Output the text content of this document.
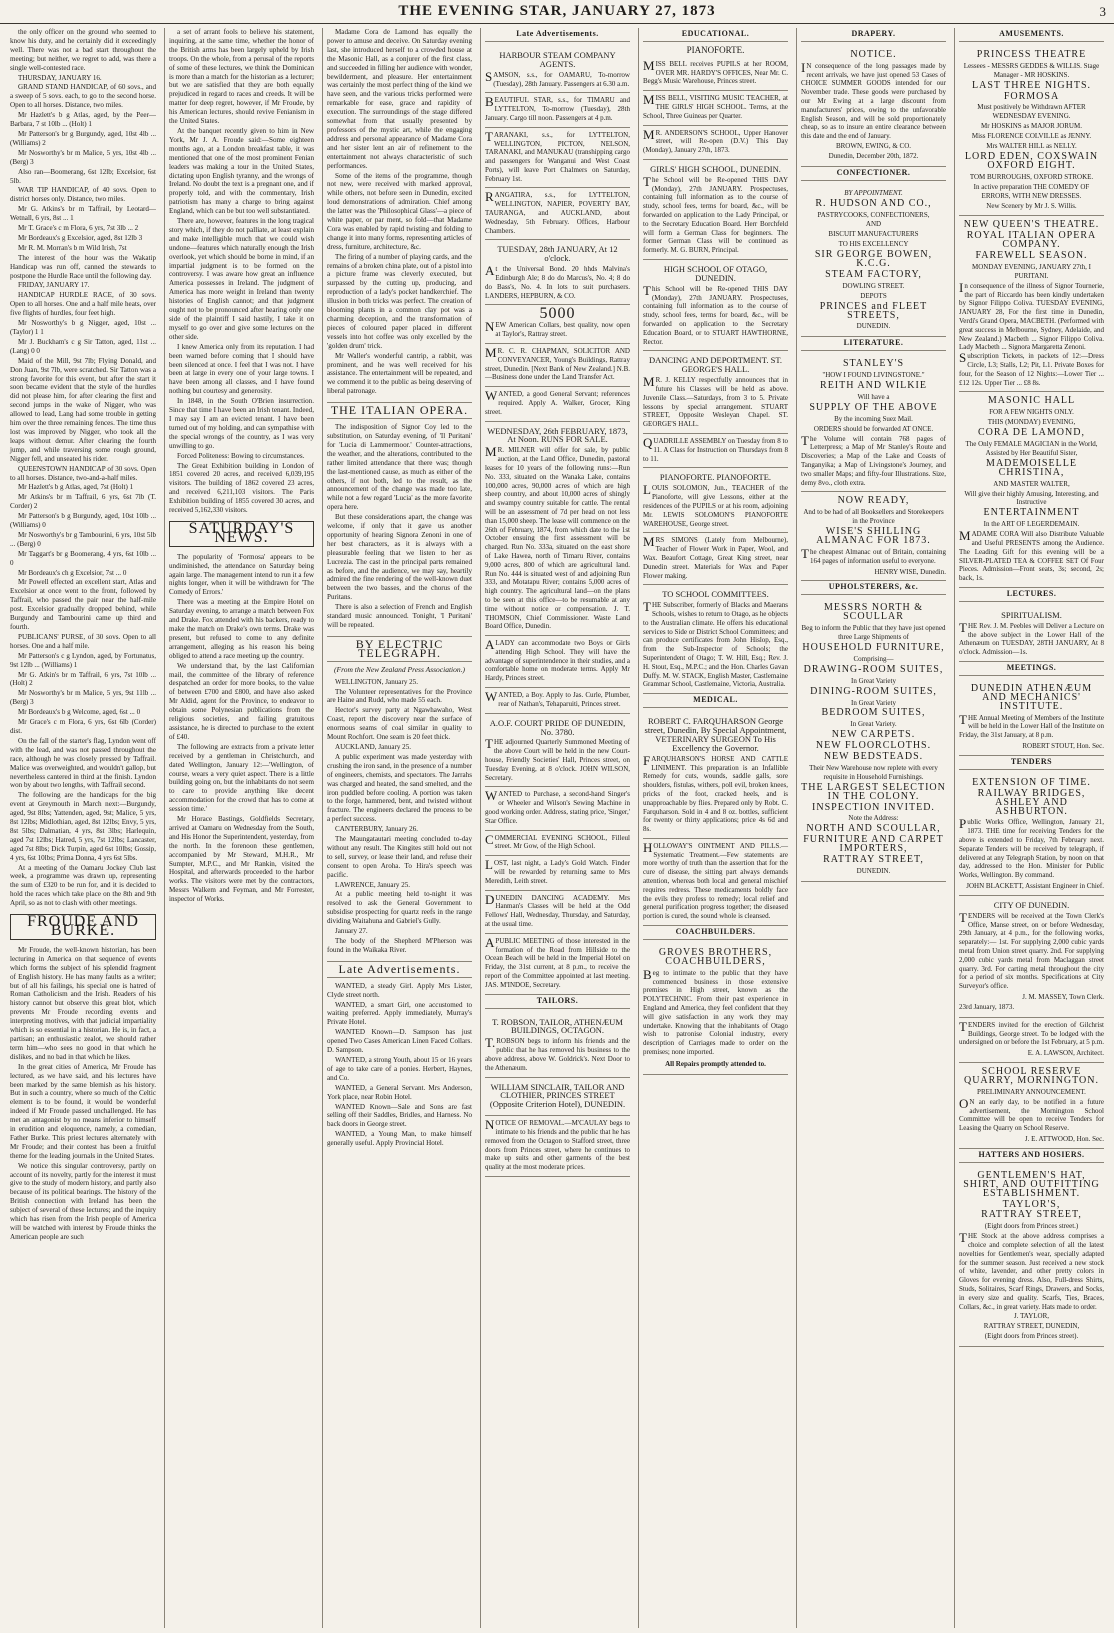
THE EVENING STAR, JANUARY 27, 1873	3

the only officer on the ground who seemed to know his duty, and he certainly did it exceedingly well. There was not a bad start throughout the meeting; but neither, we regret to add, was there a single well-contested race.

THURSDAY, JANUARY 16.

GRAND STAND HANDICAP, of 60 sovs., and a sweep of 5 sovs. each, to go to the second horse. Open to all horses. Distance, two miles.

Mr Hazlett's b g Atlas, aged, by the Peer—Barbara, 7 st 10lb ... (Holt) 1

Mr Patterson's br g Burgundy, aged, 10st 4lb ... (Williams) 2

Mr Nosworthy's br m Malice, 5 yrs, 10st 4lb ... (Berg) 3

Also ran—Boomerang, 6st 12lb; Excelsior, 6st 5lb.

WAR TIP HANDICAP, of 40 sovs. Open to district horses only. Distance, two miles.

Mr G. Atkins's br m Taffrail, by Leotard—Wetnall, 6 yrs, 8st ... 1

Mr T. Grace's c m Flora, 6 yrs, 7st 3lb ... 2

Mr Bordeaux's g Excelsior, aged, 8st 12lb 3

Mr R. M. Morran's b m Wild Irish, 7st

The interest of the hour was the Wakatip Handicap was run off, canned the stewards to postpone the Hurdle Race until the following day.

FRIDAY, JANUARY 17.

HANDICAP HURDLE RACE, of 30 sovs. Open to all horses. One and a half mile heats, over five flights of hurdles, four feet high.

Mr Nosworthy's b g Nigger, aged, 10st ... (Taylor) 1 1

Mr J. Buckham's c g Sir Tatton, aged, 11st ... (Lang) 0 0

Maid of the Mill, 9st 7lb; Flying Donald, and Don Juan, 9st 7lb, were scratched. Sir Tatton was a strong favorite for this event, but after the start it soon became evident that the style of the hurdles did not please him, for after clearing the first and second jumps in the wake of Nigger, who was allowed to lead, Lang had some trouble in getting him over the three remaining fences. The time thus lost was improved by Nigger, who took all the leaps without demur. After clearing the fourth jump, and while traversing some rough ground, Nigger fell, and unseated his rider.

QUEENSTOWN HANDICAP of 30 sovs. Open to all horses. Distance, two-and-a-half miles.

Mr Hazlett's b g Atlas, aged, 7st (Holt) 1

Mr Atkins's br m Taffrail, 6 yrs, 6st 7lb (T. Corder) 2

Mr Patterson's b g Burgundy, aged, 10st 10lb ... (Williams) 0

Mr Nosworthy's br g Tambourini, 6 yrs, 10st 5lb ... (Berg) 0

Mr Taggart's br g Boomerang, 4 yrs, 6st 10lb ... 0

Mr Bordeaux's ch g Excelsior, 7st ... 0

Mr Powell effected an excellent start, Atlas and Excelsior at once went to the front, followed by Taffrail, who passed the pair near the half-mile post. Excelsior gradually dropped behind, while Burgundy and Tambourini came up third and fourth.

PUBLICANS' PURSE, of 30 sovs. Open to all horses. One and a half mile.

Mr Patterson's c g Lyndon, aged, by Fortunatus, 9st 12lb ... (Williams) 1

Mr G. Atkin's br m Taffrail, 6 yrs, 7st 10lb ... (Holt) 2

Mr Nosworthy's br m Malice, 5 yrs, 9st 11lb ... (Berg) 3

Mr Bordeaux's b g Welcome, aged, 6st ... 0

Mr Grace's c m Flora, 6 yrs, 6st 6lb (Corder) dist.

On the fall of the starter's flag, Lyndon went off with the lead, and was not passed throughout the race, although he was closely pressed by Taffrail. Malice was overweighted, and wouldn't gallop, but nevertheless cantered in third at the finish. Lyndon won by about two lengths, with Taffrail second.

The following are the handicaps for the big event at Greymouth in March next:—Burgundy, aged, 9st 8lbs; Yattenden, aged, 9st; Malice, 5 yrs, 8st 12lbs; Midlothian, aged, 8st 12lbs; Envy, 5 yrs, 8st 5lbs; Dalmatian, 4 yrs, 8st 3lbs; Harlequin, aged 7st 12lbs; Hatred, 5 yrs, 7st 12lbs; Lancaster, aged 7st 8lbs; Dick Turpin, aged 6st 10lbs; Gossip, 4 yrs, 6st 10lbs; Prima Donna, 4 yrs 6st 5lbs.

At a meeting of the Oamaru Jockey Club last week, a programme was drawn up, representing the sum of £320 to be run for, and it is decided to hold the races which take place on the 8th and 9th April, so as not to clash with other meetings.

FROUDE AND BURKE.

Mr Froude, the well-known historian, has been lecturing in America on that sequence of events which forms the subject of his splendid fragment of English history. He has many faults as a writer; but of all his failings, his special one is hatred of Roman Catholicism and the Irish. Readers of his history cannot but observe this great blot, which prevents Mr Froude recording events and interpreting motives, with that judicial impartiality which is so essential in a historian. He is, in fact, a partisan; an enthusiastic zealot, we should rather term him—who sees no good in that which he dislikes, and no bad in that which he likes.

In the great cities of America, Mr Froude has lectured, as we have said, and his lectures have been marked by the same blemish as his history. But in such a country, where so much of the Celtic element is to be found, it would be wonderful indeed if Mr Froude passed unchallenged. He has met an antagonist by no means inferior to himself in erudition and eloquence, namely, a comedian, Father Burke. This priest lectures alternately with Mr Froude; and their contest has been a fruitful theme for the leading journals in the United States.

We notice this singular controversy, partly on account of its novelty, partly for the interest it must give to the study of modern history, and partly also because of its political bearings. The history of the British connection with Ireland has been the subject of several of these lectures; and the inquiry which has risen from the Irish people of America will be watched with interest by Froude thinks the American people are such

a set of arrant fools to believe his statement, inquiring, at the same time, whether the honor of the British arms has been largely upheld by Irish troops. On the whole, from a perusal of the reports of some of these lectures, we think the Dominican is more than a match for the historian as a lecturer; but we are satisfied that they are both equally prejudiced in regard to races and creeds. It will be matter for deep regret, however, if Mr Froude, by his American lectures, should revive Fenianism in the United States.

At the banquet recently given to him in New York, Mr J. A. Froude said:—Some eighteen months ago, at a London breakfast table, it was mentioned that one of the most prominent Fenian leaders was making a tour in the United States, dictating upon English tyranny, and the wrongs of Ireland. No doubt the text is a pregnant one, and if properly told, and with the commentary, Irish patriotism has many a charge to bring against England, which can be but too well substantiated.

There are, however, features in the long tragical story which, if they do not palliate, at least explain and make intelligible much that we could wish undone—features which naturally enough the Irish overlook, yet which should be borne in mind, if an impartial judgment is to be formed on the controversy. I was aware how great an influence America possesses in Ireland. The judgment of America has more weight in Ireland than twenty histories of English cannot; and that judgment ought not to be pronounced after hearing only one side of the plaintiff I said hastily, I take it on myself to go over and give some lectures on the other side.

I knew America only from its reputation. I had been warned before coming that I should have been silenced at once. I feel that I was not. I have been at large in every one of your large towns. I have been among all classes, and I have found nothing but courtesy and generosity.

In 1848, in the South O'Brien insurrection. Since that time I have been an Irish tenant. Indeed, I may say I am an evicted tenant. I have been turned out of my holding, and can sympathise with the special wrongs of the country, as I was very unwilling to go.

Forced Politeness: Bowing to circumstances.

The Great Exhibition building in London of 1851 covered 20 acres, and received 6,039,195 visitors. The building of 1862 covered 23 acres, and received 6,211,103 visitors. The Paris Exhibition building of 1855 covered 30 acres, and received 5,162,330 visitors.

SATURDAY'S NEWS.

The popularity of 'Formosa' appears to be undiminished, the attendance on Saturday being again large. The management intend to run it a few nights longer, when it will be withdrawn for 'The Comedy of Errors.'

There was a meeting at the Empire Hotel on Saturday evening, to arrange a match between Fox and Drake. Fox attended with his backers, ready to make the match on Drake's own terms. Drake was present, but refused to come to any definite arrangement, alleging as his reason his being obliged to attend a race meeting up the country.

We understand that, by the last Californian mail, the committee of the library of reference despatched an order for more books, to the value of between £700 and £800, and have also asked Mr Aldid, agent for the Province, to endeavor to obtain some Polynesian publications from the religious societies, and failing gratuitous assistance, he is directed to purchase to the extent of £40.

The following are extracts from a private letter received by a gentleman in Christchurch, and dated Wellington, January 12:—'Wellington, of course, wears a very quiet aspect. There is a little building going on, but the inhabitants do not seem to care to provide anything like decent accommodation for the crowd that has to come at session time.'

Mr Horace Bastings, Goldfields Secretary, arrived at Oamaru on Wednesday from the South, and His Honor the Superintendent, yesterday, from the north. In the forenoon these gentlemen, accompanied by Mr Steward, M.H.R., Mr Sumpter, M.P.C., and Mr Rankin, visited the Hospital, and afterwards proceeded to the harbor works. The visitors were met by the contractors, Messrs Walkem and Feyman, and Mr Forrester, inspector of Works.

Madame Cora de Lamond has equally the power to amuse and deceive. On Saturday evening last, she introduced herself to a crowded house at the Masonic Hall, as a conjurer of the first class, and succeeded in filling her audience with wonder, bewilderment, and pleasure. Her entertainment was certainly the most perfect thing of the kind we have seen, and the various tricks performed were remarkable for ease, grace and rapidity of execution. The surroundings of the stage differed somewhat from that usually presented by professors of the mystic art, while the engaging address and personal appearance of Madame Cora and her sister lent an air of refinement to the entertainment not always characteristic of such performances.

Some of the items of the programme, though not new, were received with marked approval, while others, not before seen in Dunedin, excited loud demonstrations of admiration. Chief among the latter was the 'Philosophical Glass'—a piece of white paper, or par ment, so fold—that Madame Cora was enabled by rapid twisting and folding to change it into many forms, representing articles of dress, furniture, architecture, &c.

The firing of a number of playing cards, and the remains of a broken china plate, out of a pistol into a picture frame was cleverly executed, but surpassed by the cutting up, producing, and reproduction of a lady's pocket handkerchief. The illusion in both tricks was perfect. The creation of blooming plants in a common clay pot was a charming deception, and the transformation of pieces of coloured paper placed in different vessels into hot coffee was only excelled by the 'golden drum' trick.

Mr Waller's wonderful cantrip, a rabbit, was prominent, and he was well received for his assistance. The entertainment will be repeated, and we commend it to the public as being deserving of liberal patronage.

THE ITALIAN OPERA.

The indisposition of Signor Coy led to the substitution, on Saturday evening, of 'Il Puritani' for 'Lucia di Lammermoor.' Counter-attractions, the weather, and the alterations, contributed to the rather limited attendance that there was; though the last-mentioned cause, as much as either of the others, if not both, led to the result, as the announcement of the change was made too late, while not a few regard 'Lucia' as the more favorite opera here.

But these considerations apart, the change was welcome, if only that it gave us another opportunity of hearing Signora Zenoni in one of her best characters, as it is always with a pleasurable feeling that we listen to her as Lucrezia. The cast in the principal parts remained as before, and the audience, we may say, heartily admired the fine rendering of the well-known duet between the two basses, and the chorus of the Puritans.

There is also a selection of French and English standard music announced. Tonight, 'I Puritani' will be repeated.

BY ELECTRIC TELEGRAPH.
(From the New Zealand Press Association.)

WELLINGTON, January 25.

The Volunteer representatives for the Province are Haine and Rudd, who made 55 each.

Hector's survey party at Ngawhawaho, West Coast, report the discovery near the surface of enormous seams of coal similar in quality to Mount Rochfort. One seam is 20 feet thick.

AUCKLAND, January 25.

A public experiment was made yesterday with crushing the iron sand, in the presence of a number of engineers, chemists, and spectators. The Jarrahs was charged and heated, the sand smelted, and the iron puddled before cooling. A portion was taken to the forge, hammered, bent, and twisted without fracture. The engineers declared the process to be a perfect success.

CANTERBURY, January 26.

The Maungatautari meeting concluded to-day without any result. The Kingites still hold out not to sell, survey, or lease their land, and refuse their consent to open Aroha. To Hira's speech was pacific.

LAWRENCE, January 25.

At a public meeting held to-night it was resolved to ask the General Government to subsidise prospecting for quartz reefs in the range dividing Waitahuna and Gabriel's Gully.

January 27.

The body of the Shepherd M'Pherson was found in the Waikaka River.

Late Advertisements.

WANTED, a steady Girl. Apply Mrs Lister, Clyde street north.

WANTED, a smart Girl, one accustomed to waiting preferred. Apply immediately, Murray's Private Hotel.

WANTED Known—D. Sampson has just opened Two Cases American Linen Faced Collars. D. Sampson.

WANTED, a strong Youth, about 15 or 16 years of age to take care of a ponies. Herbert, Haynes, and Co.

WANTED, a General Servant. Mrs Anderson, York place, near Robin Hotel.

WANTED Known—Sale and Sons are fast selling off their Saddles, Bridles, and Harness. No back doors in George street.

WANTED, a Young Man, to make himself generally useful. Apply Provincial Hotel.

Late Advertisements.
HARBOUR STEAM COMPANY AGENTS.
SAMSON, s.s., for OAMARU, To-morrow (Tuesday), 28th January. Passengers at 6.30 a.m.
BEAUTIFUL STAR, s.s., for TIMARU and LYTTELTON, To-morrow (Tuesday), 28th January. Cargo till noon. Passengers at 4 p.m.
TARANAKI, s.s., for LYTTELTON, WELLINGTON, PICTON, NELSON, TARANAKI, and MANUKAU (transhipping cargo and passengers for Wanganui and West Coast Ports), will leave Port Chalmers on Saturday, February 1st.
RANGATIRA, s.s., for LYTTELTON, WELLINGTON, NAPIER, POVERTY BAY, TAURANGA, and AUCKLAND, about Wednesday, 5th February. Offices, Harbour Chambers.
TUESDAY, 28th JANUARY, At 12 o'clock.
At the Universal Bond. 20 hhds Malvina's Edinburgh Ale; 8 do do Marcus's, No. 4; 8 do do Bass's, No. 4. In lots to suit purchasers. LANDERS, HEPBURN, & CO.
5000
NEW American Collars, best quality, now open at Taylor's, Rattray street.
MR. C. R. CHAPMAN, SOLICITOR AND CONVEYANCER, Young's Buildings, Rattray street, Dunedin. [Next Bank of New Zealand.] N.B.—Business done under the Land Transfer Act.
WANTED, a good General Servant; references required. Apply A. Walker, Grocer, King street.
WEDNESDAY, 26th FEBRUARY, 1873, At Noon. RUNS FOR SALE.
MR. MILNER will offer for sale, by public auction, at the Land Office, Dunedin, pastoral leases for 10 years of the following runs:—Run No. 333, situated on the Wanaka Lake, contains 100,000 acres, 90,000 acres of which are high sheep country, and about 10,000 acres of shingly and swampy country suitable for cattle. The rental will be an assessment of 7d per head on not less than 15,000 sheep. The lease will commence on the 26th of February, 1874, from which date to the 1st October ensuing the first assessment will be charged. Run No. 333a, situated on the east shore of Lake Hawea, north of Timaru River, contains 9,000 acres, 800 of which are agricultural land. Run No. 444 is situated west of and adjoining Run 333, and Motatapu River; contains 5,000 acres of high country. The agricultural land—on the plans to be seen at this office—to be resumable at any time without notice or compensation. J. T. THOMSON, Chief Commissioner. Waste Land Board Office, Dunedin.
ALADY can accommodate two Boys or Girls attending High School. They will have the advantage of superintendence in their studies, and a comfortable home on moderate terms. Apply Mr Hardy, Princes street.
WANTED, a Boy. Apply to Jas. Curle, Plumber, rear of Nathan's, Tehaparuiti, Princes street.
A.O.F. COURT PRIDE OF DUNEDIN, No. 3780.
THE adjourned Quarterly Summoned Meeting of the above Court will be held in the new Court-house, Friendly Societies' Hall, Princes street, on Tuesday Evening, at 8 o'clock. JOHN WILSON, Secretary.
WANTED to Purchase, a second-hand Singer's or Wheeler and Wilson's Sewing Machine in good working order. Address, stating price, 'Singer,' Star Office.
COMMERCIAL EVENING SCHOOL, Filleul street. Mr Gow, of the High School.
LOST, last night, a Lady's Gold Watch. Finder will be rewarded by returning same to Mrs Meredith, Leith street.
DUNEDIN DANCING ACADEMY. Mrs Hanman's Classes will be held at the Odd Fellows' Hall, Wednesday, Thursday, and Saturday, at the usual time.
APUBLIC MEETING of those interested in the formation of the Road from Hillside to the Ocean Beach will be held in the Imperial Hotel on Friday, the 31st current, at 8 p.m., to receive the report of the Committee appointed at last meeting. JAS. M'INDOE, Secretary.
TAILORS.
T. ROBSON, TAILOR, ATHENÆUM BUILDINGS, OCTAGON.
T.ROBSON begs to inform his friends and the public that he has removed his business to the above address, above W. Goldrick's. Next Door to the Athenæum.
WILLIAM SINCLAIR, TAILOR AND CLOTHIER, PRINCES STREET (Opposite Criterion Hotel), DUNEDIN.
NOTICE OF REMOVAL.—M'CAULAY begs to intimate to his friends and the public that he has removed from the Octagon to Stafford street, three doors from Princes street, where he continues to make up suits and other garments of the best quality at the most moderate prices.
EDUCATIONAL.
PIANOFORTE.
MISS BELL receives PUPILS at her ROOM, OVER MR. HARDY'S OFFICES, Near Mr. C. Begg's Music Warehouse, Princes street.
MISS BELL, VISITING MUSIC TEACHER, at THE GIRLS' HIGH SCHOOL. Terms, at the School, Three Guineas per Quarter.
MR. ANDERSON'S SCHOOL, Upper Hanover street, will Re-open (D.V.) This Day (Monday), January 27th, 1873.
GIRLS' HIGH SCHOOL, DUNEDIN.
The School will be Re-opened THIS DAY (Monday), 27th JANUARY. Prospectuses, containing full information as to the course of study, school fees, terms for board, &c., will be forwarded on application to the Lady Principal, or to the Secretary Education Board. Herr Borchfeld will form a German Class for beginners. The former German Class will be continued as formerly. M. G. BURN, Principal.
HIGH SCHOOL OF OTAGO, DUNEDIN.
This School will be Re-opened THIS DAY (Monday), 27th JANUARY. Prospectuses, containing full information as to the course of study, school fees, terms for board, &c., will be forwarded on application to the Secretary Education Board, or to STUART HAWTHORNE, Rector.
DANCING AND DEPORTMENT. ST. GEORGE'S HALL.
MR. J. KELLY respectfully announces that in future his Classes will be held as above. Juvenile Class.—Saturdays, from 3 to 5. Private lessons by special arrangement. STUART STREET, Opposite Wesleyan Chapel. ST. GEORGE'S HALL.
QUADRILLE ASSEMBLY on Tuesday from 8 to 11. A Class for Instruction on Thursdays from 8 to 11.
PIANOFORTE. PIANOFORTE.
LOUIS SOLOMON, Jun., TEACHER of the Pianoforte, will give Lessons, either at the residences of the PUPILS or at his room, adjoining Mr. LEWIS SOLOMON'S PIANOFORTE WAREHOUSE, George street.
MRS SIMONS (Lately from Melbourne), Teacher of Flower Work in Paper, Wool, and Wax. Beaufort Cottage, Great King street, near Dunedin street. Materials for Wax and Paper Flower making.
TO SCHOOL COMMITTEES.
THE Subscriber, formerly of Blacks and Maerans Schools, wishes to return to Otago, as he objects to the Australian climate. He offers his educational services to Side or District School Committees; and can produce certificates from John Hislop, Esq., from the Sub-Inspector of Schools; the Superintendent of Otago; T. W. Hill, Esq.; Rev. J. H. Stout, Esq., M.P.C.; and the Hon. Charles Gavan Duffy. M. W. STACK, English Master, Castlemaine Grammar School, Castlemaine, Victoria, Australia.
MEDICAL.
ROBERT C. FARQUHARSON George street, Dunedin, By Special Appointment, VETERINARY SURGEON To His Excellency the Governor.
FARQUHARSON'S HORSE AND CATTLE LINIMENT. This preparation is an Infallible Remedy for cuts, wounds, saddle galls, sore shoulders, fistulas, withers, poll evil, broken knees, pricks of the foot, cracked heels, and is unapproachable by flies. Prepared only by Robt. C. Farquharson. Sold in 4 and 8 oz. bottles, sufficient for twenty or thirty applications; price 4s 6d and 8s.
HOLLOWAY'S OINTMENT AND PILLS.—Systematic Treatment.—Few statements are more worthy of truth than the assertion that for the cure of disease, the sitting part always demands attention, whereas both local and general mischief requires redress. These medicaments boldly face the evils they profess to remedy; local relief and general purification progress together; the diseased portion is cured, the sound whole is cleansed.
COACHBUILDERS.
GROVES BROTHERS, COACHBUILDERS,
Beg to intimate to the public that they have commenced business in those extensive premises in High street, known as the POLYTECHNIC. From their past experience in England and America, they feel confident that they will give satisfaction in any work they may undertake. Knowing that the inhabitants of Otago wish to patronise Colonial industry, every description of Carriages made to order on the premises; none imported.
All Repairs promptly attended to.
DRAPERY.
NOTICE.
IN consequence of the long passages made by recent arrivals, we have just opened 53 Cases of CHOICE SUMMER GOODS intended for our November trade. These goods were purchased by our Mr Ewing at a large discount from manufacturers' prices, owing to the unfavorable English Season, and will be sold proportionately cheap, so as to insure an entire clearance between this date and the end of January.
BROWN, EWING, & CO.
Dunedin, December 20th, 1872.
CONFECTIONER.
BY APPOINTMENT.
R. HUDSON AND CO.,
PASTRYCOOKS, CONFECTIONERS,
AND
BISCUIT MANUFACTURERS
TO HIS EXCELLENCY
SIR GEORGE BOWEN, K.C.G.
STEAM FACTORY,
DOWLING STREET.
DEPOTS
PRINCES and FLEET STREETS,
DUNEDIN.
LITERATURE.
STANLEY'S
"HOW I FOUND LIVINGSTONE."
REITH AND WILKIE
Will have a
SUPPLY OF THE ABOVE
By the incoming Suez Mail.
ORDERS should be forwarded AT ONCE.
The Volume will contain 768 pages of Letterpress; a Map of Mr Stanley's Route and Discoveries; a Map of the Lake and Coasts of Tanganyika; a Map of Livingstone's Journey, and two smaller Maps; and fifty-four Illustrations. Size, demy 8vo., cloth extra.
NOW READY,
And to be had of all Booksellers and Storekeepers in the Province
WISE'S SHILLING ALMANAC FOR 1873.
The cheapest Almanac out of Britain, containing 164 pages of information useful to everyone.
HENRY WISE, Dunedin.
UPHOLSTERERS, &c.
MESSRS NORTH & SCOULLAR
Beg to inform the Public that they have just opened three Large Shipments of
HOUSEHOLD FURNITURE,
Comprising—
DRAWING-ROOM SUITES,
In Great Variety
DINING-ROOM SUITES,
In Great Variety
BEDROOM SUITES,
In Great Variety.
NEW CARPETS.
NEW FLOORCLOTHS.
NEW BEDSTEADS.
Their New Warehouse now replete with every requisite in Household Furnishings.
THE LARGEST SELECTION IN THE COLONY.
INSPECTION INVITED.
Note the Address:
NORTH AND SCOULLAR,
FURNITURE AND CARPET IMPORTERS,
RATTRAY STREET,
DUNEDIN.
AMUSEMENTS.
PRINCESS THEATRE
Lessees - MESSRS GEDDES & WILLIS. Stage Manager - MR HOSKINS.
LAST THREE NIGHTS.
FORMOSA
Must positively be Withdrawn AFTER WEDNESDAY EVENING.
Mr HOSKINS as MAJOR JORUM.
Miss FLORENCE COLVILLE as JENNY.
Mrs WALTER HILL as NELLY.
LORD EDEN, COXSWAIN OXFORD EIGHT.
TOM BURROUGHS, OXFORD STROKE.
In active preparation THE COMEDY OF ERRORS, WITH NEW DRESSES.
New Scenery by Mr J. S. Willis.
NEW QUEEN'S THEATRE.
ROYAL ITALIAN OPERA COMPANY.
FAREWELL SEASON.
MONDAY EVENING, JANUARY 27th, I PURITANI.
In consequence of the illness of Signor Tournerie, the part of Riccardo has been kindly undertaken by Signor Filippo Coliva. TUESDAY EVENING, JANUARY 28, For the first time in Dunedin, Verdi's Grand Opera, MACBETH. (Performed with great success in Melbourne, Sydney, Adelaide, and New Zealand.) Macbeth ... Signor Filippo Coliva. Lady Macbeth ... Signora Margaretta Zenoni.
Subscription Tickets, in packets of 12:—Dress Circle, L3; Stalls, L2; Pit, L1. Private Boxes for four, for the Season of 12 Nights:—Lower Tier ... £12 12s. Upper Tier ... £8 8s.
MASONIC HALL
FOR A FEW NIGHTS ONLY.
THIS (MONDAY) EVENING,
CORA DE LAMOND,
The Only FEMALE MAGICIAN in the World, Assisted by Her Beautiful Sister,
MADEMOISELLE CHRISTINA,
AND MASTER WALTER,
Will give their highly Amusing, Interesting, and Instructive
ENTERTAINMENT
In the ART OF LEGERDEMAIN.
MADAME CORA Will also Distribute Valuable and Useful PRESENTS among the Audience. The Leading Gift for this evening will be a SILVER-PLATED TEA & COFFEE SET Of Four Pieces. Admission—Front seats, 3s; second, 2s; back, 1s.
LECTURES.
SPIRITUALISM.
THE Rev. J. M. Peebles will Deliver a Lecture on the above subject in the Lower Hall of the Athenæum on TUESDAY, 28TH JANUARY, At 8 o'clock. Admission—1s.
MEETINGS.
DUNEDIN ATHENÆUM AND MECHANICS' INSTITUTE.
THE Annual Meeting of Members of the Institute will be held in the Lower Hall of the Institute on Friday, the 31st January, at 8 p.m.
ROBERT STOUT, Hon. Sec.
TENDERS
EXTENSION OF TIME.
RAILWAY BRIDGES, ASHLEY AND ASHBURTON.
Public Works Office, Wellington, January 21, 1873. THE time for receiving Tenders for the above is extended to Friday, 7th February next. Separate Tenders will be received by telegraph, if delivered at any Telegraph Station, by noon on that day, addressed to the Hon. Minister for Public Works, Wellington. By command.
JOHN BLACKETT, Assistant Engineer in Chief.
CITY OF DUNEDIN.
TENDERS will be received at the Town Clerk's Office, Manse street, on or before Wednesday, 29th January, at 4 p.m., for the following works, separately:— 1st. For supplying 2,000 cubic yards metal from Union street quarry. 2nd. For supplying 2,000 cubic yards metal from Maclaggan street quarry. 3rd. For carting metal throughout the city for a period of six months. Specifications at City Surveyor's office.
J. M. MASSEY, Town Clerk.
23rd January, 1873.
TENDERS invited for the erection of Gilchrist Buildings, George street. To be lodged with the undersigned on or before the 1st February, at 5 p.m.
E. A. LAWSON, Architect.
SCHOOL RESERVE QUARRY, MORNINGTON.
PRELIMINARY ANNOUNCEMENT.
ON an early day, to be notified in a future advertisement, the Mornington School Committee will be open to receive Tenders for Leasing the Quarry on School Reserve.
J. E. ATTWOOD, Hon. Sec.
HATTERS AND HOSIERS.
GENTLEMEN'S HAT, SHIRT, AND OUTFITTING ESTABLISHMENT.
TAYLOR'S,
RATTRAY STREET,
(Eight doors from Princes street.)
THE Stock at the above address comprises a choice and complete selection of all the latest novelties for Gentlemen's wear, specially adapted for the summer season. Just received a new stock of white, lavender, and other pretty colors in Gloves for evening dress. Also, Full-dress Shirts, Studs, Solitaires, Scarf Rings, Drawers, and Socks, in every size and quality. Scarfs, Ties, Braces, Collars, &c., in great variety. Hats made to order.
J. TAYLOR,
RATTRAY STREET, DUNEDIN,
(Eight doors from Princes street).
